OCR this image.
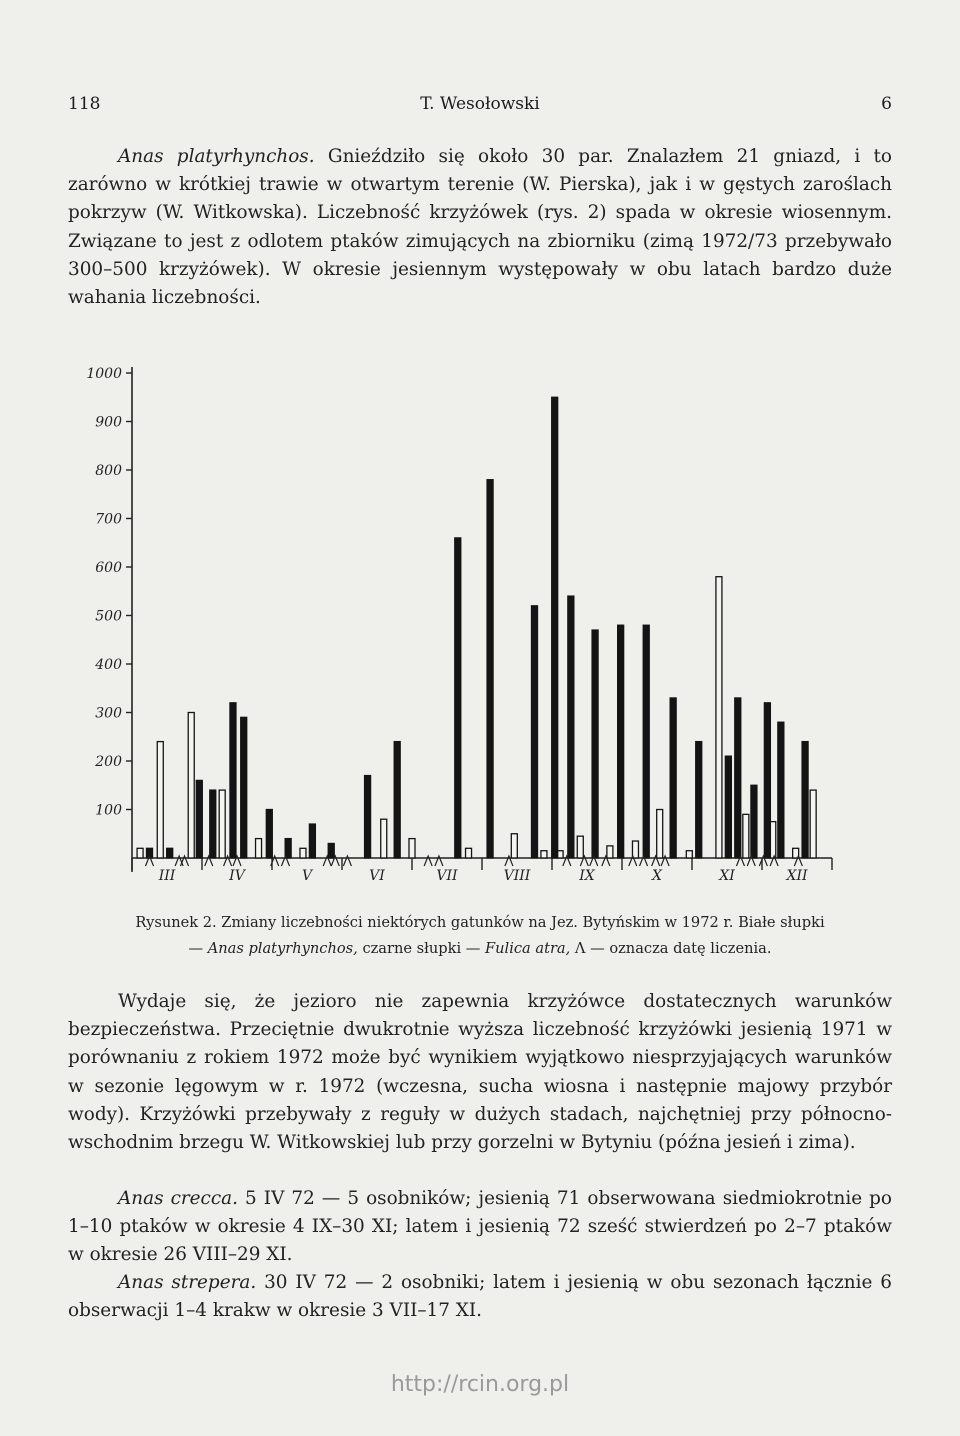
118	T. Wesołowski	6

Anas platyrhynchos. Gnieździło się około 30 par. Znalazłem 21 gniazd, i to zarówno w krótkiej trawie w otwartym terenie (W. Pierska), jak i w gęstych zaroślach pokrzyw (W. Witkowska). Liczebność krzyżówek (rys. 2) spada w okresie wiosennym. Związane to jest z odlotem ptaków zimujących na zbiorniku (zimą 1972/73 przebywało 300–500 krzyżówek). W okresie jesiennym występowały w obu latach bardzo duże wahania liczebności.

1000
900
800
700
600
500
400
300
200
100
III	IV	V	VI	VII	VIII	IX	X	XI	XII
Rysunek 2. Zmiany liczebności niektórych gatunków na Jez. Bytyńskim w 1972 r. Białe słupki
— Anas platyrhynchos, czarne słupki — Fulica atra, Λ — oznacza datę liczenia.

Wydaje się, że jezioro nie zapewnia krzyżówce dostatecznych warunków bezpieczeństwa. Przeciętnie dwukrotnie wyższa liczebność krzyżówki jesienią 1971 w porównaniu z rokiem 1972 może być wynikiem wyjątkowo niesprzyjających warunków w sezonie lęgowym w r. 1972 (wczesna, sucha wiosna i następnie majowy przybór wody). Krzyżówki przebywały z reguły w dużych stadach, najchętniej przy północno-wschodnim brzegu W. Witkowskiej lub przy gorzelni w Bytyniu (późna jesień i zima).

Anas crecca. 5 IV 72 — 5 osobników; jesienią 71 obserwowana siedmiokrotnie po 1–10 ptaków w okresie 4 IX–30 XI; latem i jesienią 72 sześć stwierdzeń po 2–7 ptaków w okresie 26 VIII–29 XI.

Anas strepera. 30 IV 72 — 2 osobniki; latem i jesienią w obu sezonach łącznie 6 obserwacji 1–4 krakw w okresie 3 VII–17 XI.

http://rcin.org.pl
